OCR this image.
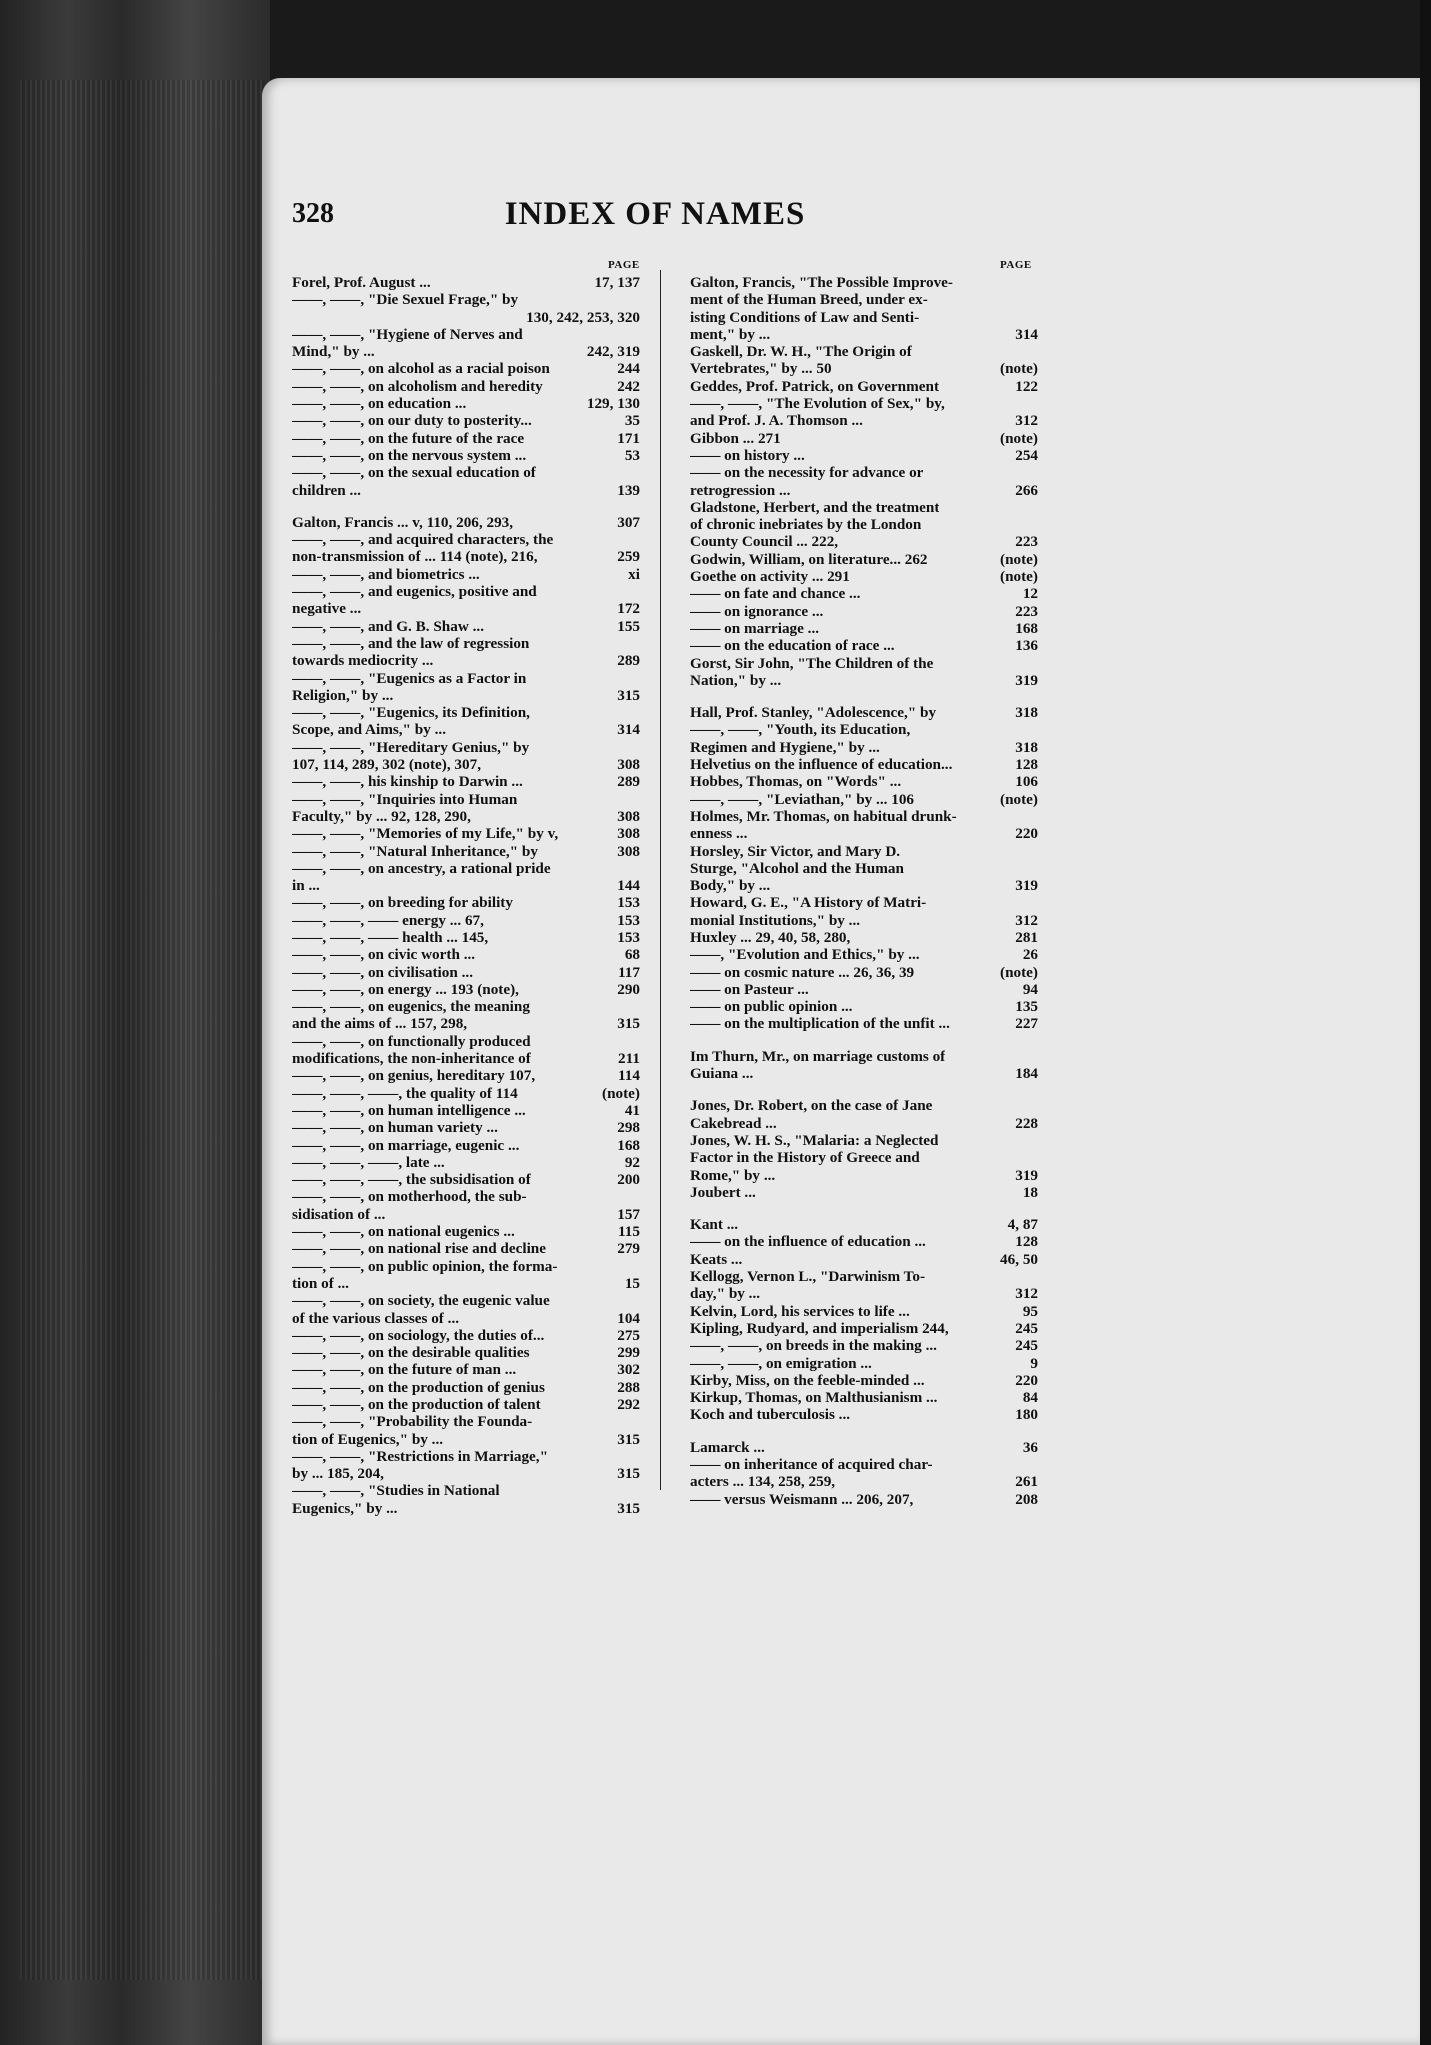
328	INDEX OF NAMES
PAGE	PAGE
Forel, Prof. August ...	17, 137
——, ——, "Die Sexuel Frage," by
130, 242, 253, 320
——, ——, "Hygiene of Nerves and
Mind," by ...	242, 319
——, ——, on alcohol as a racial poison	244
——, ——, on alcoholism and heredity	242
——, ——, on education ...	129, 130
——, ——, on our duty to posterity...	35
——, ——, on the future of the race	171
——, ——, on the nervous system ...	53
——, ——, on the sexual education of
children ...	139
Galton, Francis ... v, 110, 206, 293,	307
——, ——, and acquired characters, the
non-transmission of ... 114 (note), 216,	259
——, ——, and biometrics ...	xi
——, ——, and eugenics, positive and
negative ...	172
——, ——, and G. B. Shaw ...	155
——, ——, and the law of regression
towards mediocrity ...	289
——, ——, "Eugenics as a Factor in
Religion," by ...	315
——, ——, "Eugenics, its Definition,
Scope, and Aims," by ...	314
——, ——, "Hereditary Genius," by
107, 114, 289, 302 (note), 307,	308
——, ——, his kinship to Darwin ...	289
——, ——, "Inquiries into Human
Faculty," by ... 92, 128, 290,	308
——, ——, "Memories of my Life," by v,	308
——, ——, "Natural Inheritance," by	308
——, ——, on ancestry, a rational pride
in ...	144
——, ——, on breeding for ability	153
——, ——, —— energy ... 67,	153
——, ——, —— health ... 145,	153
——, ——, on civic worth ...	68
——, ——, on civilisation ...	117
——, ——, on energy ... 193 (note),	290
——, ——, on eugenics, the meaning
and the aims of ... 157, 298,	315
——, ——, on functionally produced
modifications, the non-inheritance of	211
——, ——, on genius, hereditary 107,	114
——, ——, ——, the quality of 114	(note)
——, ——, on human intelligence ...	41
——, ——, on human variety ...	298
——, ——, on marriage, eugenic ...	168
——, ——, ——, late ...	92
——, ——, ——, the subsidisation of	200
——, ——, on motherhood, the sub-
sidisation of ...	157
——, ——, on national eugenics ...	115
——, ——, on national rise and decline	279
——, ——, on public opinion, the forma-
tion of ...	15
——, ——, on society, the eugenic value
of the various classes of ...	104
——, ——, on sociology, the duties of...	275
——, ——, on the desirable qualities	299
——, ——, on the future of man ...	302
——, ——, on the production of genius	288
——, ——, on the production of talent	292
——, ——, "Probability the Founda-
tion of Eugenics," by ...	315
——, ——, "Restrictions in Marriage,"
by ... 185, 204,	315
——, ——, "Studies in National
Eugenics," by ...	315
Galton, Francis, "The Possible Improve-
ment of the Human Breed, under ex-
isting Conditions of Law and Senti-
ment," by ...	314
Gaskell, Dr. W. H., "The Origin of
Vertebrates," by ... 50	(note)
Geddes, Prof. Patrick, on Government	122
——, ——, "The Evolution of Sex," by,
and Prof. J. A. Thomson ...	312
Gibbon ... 271	(note)
—— on history ...	254
—— on the necessity for advance or
retrogression ...	266
Gladstone, Herbert, and the treatment
of chronic inebriates by the London
County Council ... 222,	223
Godwin, William, on literature... 262	(note)
Goethe on activity ... 291	(note)
—— on fate and chance ...	12
—— on ignorance ...	223
—— on marriage ...	168
—— on the education of race ...	136
Gorst, Sir John, "The Children of the
Nation," by ...	319
Hall, Prof. Stanley, "Adolescence," by	318
——, ——, "Youth, its Education,
Regimen and Hygiene," by ...	318
Helvetius on the influence of education...	128
Hobbes, Thomas, on "Words" ...	106
——, ——, "Leviathan," by ... 106	(note)
Holmes, Mr. Thomas, on habitual drunk-
enness ...	220
Horsley, Sir Victor, and Mary D.
Sturge, "Alcohol and the Human
Body," by ...	319
Howard, G. E., "A History of Matri-
monial Institutions," by ...	312
Huxley ... 29, 40, 58, 280,	281
——, "Evolution and Ethics," by ...	26
—— on cosmic nature ... 26, 36, 39	(note)
—— on Pasteur ...	94
—— on public opinion ...	135
—— on the multiplication of the unfit ...	227
Im Thurn, Mr., on marriage customs of
Guiana ...	184
Jones, Dr. Robert, on the case of Jane
Cakebread ...	228
Jones, W. H. S., "Malaria: a Neglected
Factor in the History of Greece and
Rome," by ...	319
Joubert ...	18
Kant ...	4, 87
—— on the influence of education ...	128
Keats ...	46, 50
Kellogg, Vernon L., "Darwinism To-
day," by ...	312
Kelvin, Lord, his services to life ...	95
Kipling, Rudyard, and imperialism 244,	245
——, ——, on breeds in the making ...	245
——, ——, on emigration ...	9
Kirby, Miss, on the feeble-minded ...	220
Kirkup, Thomas, on Malthusianism ...	84
Koch and tuberculosis ...	180
Lamarck ...	36
—— on inheritance of acquired char-
acters ... 134, 258, 259,	261
—— versus Weismann ... 206, 207,	208
